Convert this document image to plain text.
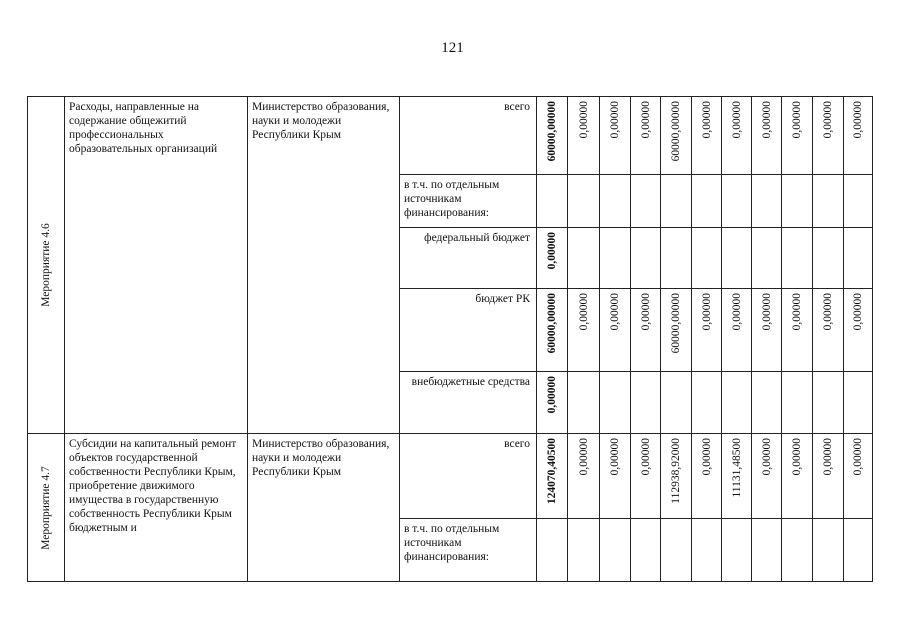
121
Мероприятие 4.6
Расходы, направленные на содержание общежитий профессиональных образовательных организаций
Министерство образования, науки и молодежи Республики Крым
всего	60000,00000 0,00000 0,00000 0,00000 60000,00000 0,00000 0,00000 0,00000 0,00000 0,00000 0,00000
в т.ч. по отдельным источникам финансирования:
федеральный бюджет	0,00000
бюджет РК	60000,00000 0,00000 0,00000 0,00000 60000,00000 0,00000 0,00000 0,00000 0,00000 0,00000 0,00000
внебюджетные средства	0,00000
Мероприятие 4.7
Субсидии на капитальный ремонт объектов государственной собственности Республики Крым, приобретение движимого имущества в государственную собственность Республики Крым бюджетным и
Министерство образования, науки и молодежи Республики Крым
всего	124070,40500 0,00000 0,00000 0,00000 112938,92000 0,00000 11131,48500 0,00000 0,00000 0,00000 0,00000
в т.ч. по отдельным источникам финансирования:
